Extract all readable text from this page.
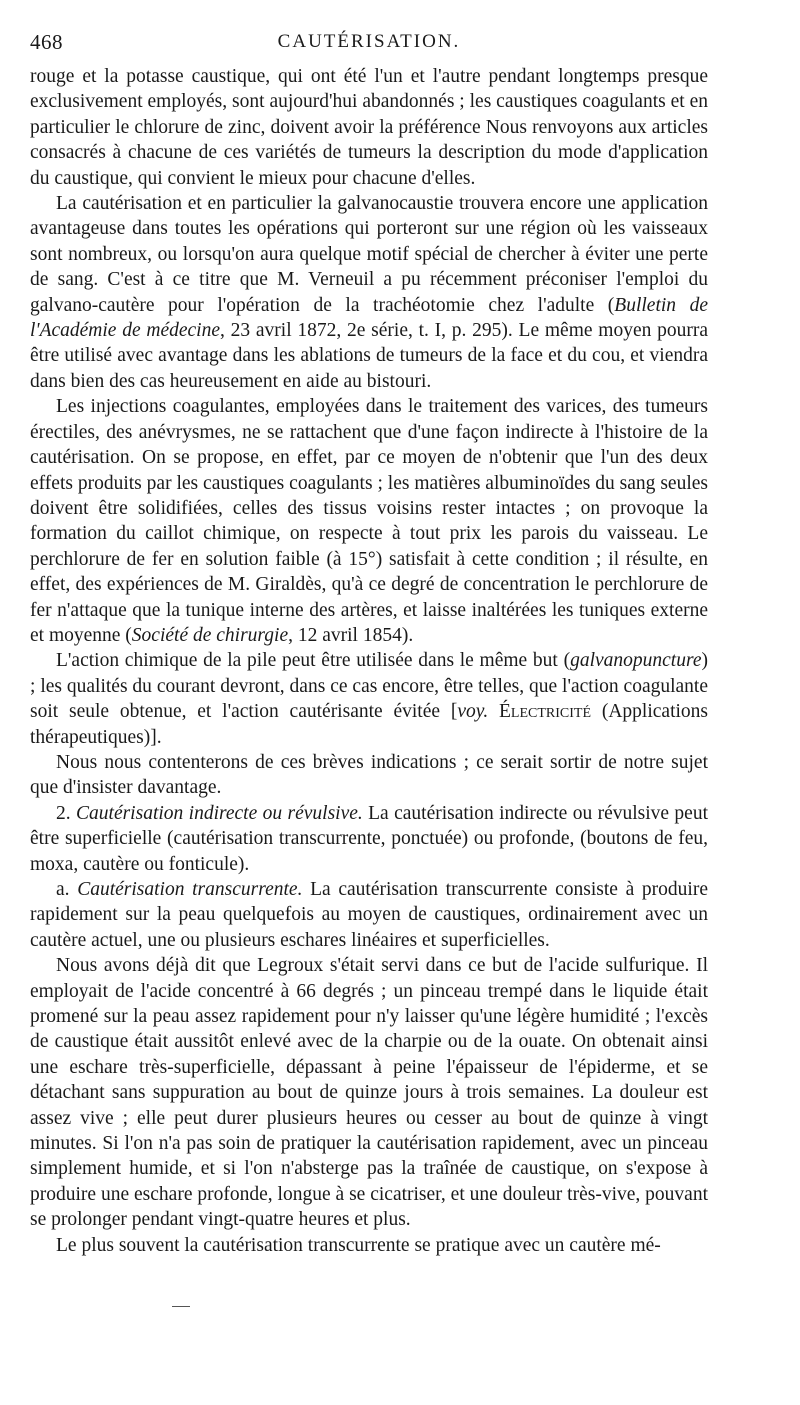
468	CAUTÉRISATION.

rouge et la potasse caustique, qui ont été l'un et l'autre pendant longtemps presque exclusivement employés, sont aujourd'hui abandonnés ; les caustiques coagulants et en particulier le chlorure de zinc, doivent avoir la préférence Nous renvoyons aux articles consacrés à chacune de ces variétés de tumeurs la description du mode d'application du caustique, qui convient le mieux pour chacune d'elles.

La cautérisation et en particulier la galvanocaustie trouvera encore une application avantageuse dans toutes les opérations qui porteront sur une région où les vaisseaux sont nombreux, ou lorsqu'on aura quelque motif spécial de chercher à éviter une perte de sang. C'est à ce titre que M. Verneuil a pu récemment préconiser l'emploi du galvano-cautère pour l'opération de la trachéotomie chez l'adulte (Bulletin de l'Académie de médecine, 23 avril 1872, 2e série, t. I, p. 295). Le même moyen pourra être utilisé avec avantage dans les ablations de tumeurs de la face et du cou, et viendra dans bien des cas heureusement en aide au bistouri.

Les injections coagulantes, employées dans le traitement des varices, des tumeurs érectiles, des anévrysmes, ne se rattachent que d'une façon indirecte à l'histoire de la cautérisation. On se propose, en effet, par ce moyen de n'obtenir que l'un des deux effets produits par les caustiques coagulants ; les matières albuminoïdes du sang seules doivent être solidifiées, celles des tissus voisins rester intactes ; on provoque la formation du caillot chimique, on respecte à tout prix les parois du vaisseau. Le perchlorure de fer en solution faible (à 15°) satisfait à cette condition ; il résulte, en effet, des expériences de M. Giraldès, qu'à ce degré de concentration le perchlorure de fer n'attaque que la tunique interne des artères, et laisse inaltérées les tuniques externe et moyenne (Société de chirurgie, 12 avril 1854).

L'action chimique de la pile peut être utilisée dans le même but (galvanopuncture) ; les qualités du courant devront, dans ce cas encore, être telles, que l'action coagulante soit seule obtenue, et l'action cautérisante évitée [voy. Électricité (Applications thérapeutiques)].

Nous nous contenterons de ces brèves indications ; ce serait sortir de notre sujet que d'insister davantage.

2. Cautérisation indirecte ou révulsive. La cautérisation indirecte ou révulsive peut être superficielle (cautérisation transcurrente, ponctuée) ou profonde, (boutons de feu, moxa, cautère ou fonticule).

a. Cautérisation transcurrente. La cautérisation transcurrente consiste à produire rapidement sur la peau quelquefois au moyen de caustiques, ordinairement avec un cautère actuel, une ou plusieurs eschares linéaires et superficielles.

Nous avons déjà dit que Legroux s'était servi dans ce but de l'acide sulfurique. Il employait de l'acide concentré à 66 degrés ; un pinceau trempé dans le liquide était promené sur la peau assez rapidement pour n'y laisser qu'une légère humidité ; l'excès de caustique était aussitôt enlevé avec de la charpie ou de la ouate. On obtenait ainsi une eschare très-superficielle, dépassant à peine l'épaisseur de l'épiderme, et se détachant sans suppuration au bout de quinze jours à trois semaines. La douleur est assez vive ; elle peut durer plusieurs heures ou cesser au bout de quinze à vingt minutes. Si l'on n'a pas soin de pratiquer la cautérisation rapidement, avec un pinceau simplement humide, et si l'on n'absterge pas la traînée de caustique, on s'expose à produire une eschare profonde, longue à se cicatriser, et une douleur très-vive, pouvant se prolonger pendant vingt-quatre heures et plus.

Le plus souvent la cautérisation transcurrente se pratique avec un cautère mé-
